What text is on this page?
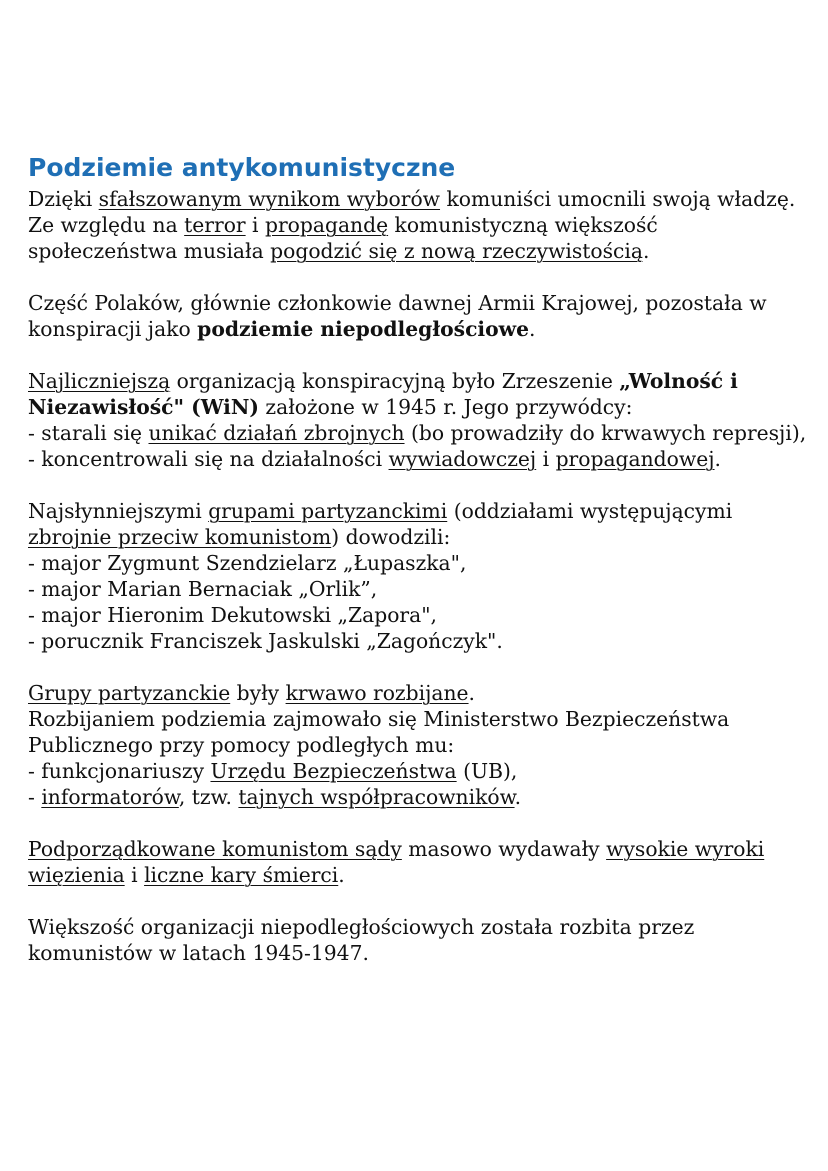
Podziemie antykomunistyczne

Dzięki sfałszowanym wynikom wyborów komuniści umocnili swoją władzę.

Ze względu na terror i propagandę komunistyczną większość społeczeństwa musiała pogodzić się z nową rzeczywistością.

Część Polaków, głównie członkowie dawnej Armii Krajowej, pozostała w konspiracji jako podziemie niepodległościowe.

Najliczniejszą organizacją konspiracyjną było Zrzeszenie „Wolność i Niezawisłość" (WiN) założone w 1945 r. Jego przywódcy:

- starali się unikać działań zbrojnych (bo prowadziły do krwawych represji),

- koncentrowali się na działalności wywiadowczej i propagandowej.

Najsłynniejszymi grupami partyzanckimi (oddziałami występującymi zbrojnie przeciw komunistom) dowodzili:

- major Zygmunt Szendzielarz „Łupaszka",

- major Marian Bernaciak „Orlik”,

- major Hieronim Dekutowski „Zapora",

- porucznik Franciszek Jaskulski „Zagończyk".

Grupy partyzanckie były krwawo rozbijane.

Rozbijaniem podziemia zajmowało się Ministerstwo Bezpieczeństwa Publicznego przy pomocy podległych mu:

- funkcjonariuszy Urzędu Bezpieczeństwa (UB),

- informatorów, tzw. tajnych współpracowników.

Podporządkowane komunistom sądy masowo wydawały wysokie wyroki więzienia i liczne kary śmierci.

Większość organizacji niepodległościowych została rozbita przez komunistów w latach 1945-1947.
